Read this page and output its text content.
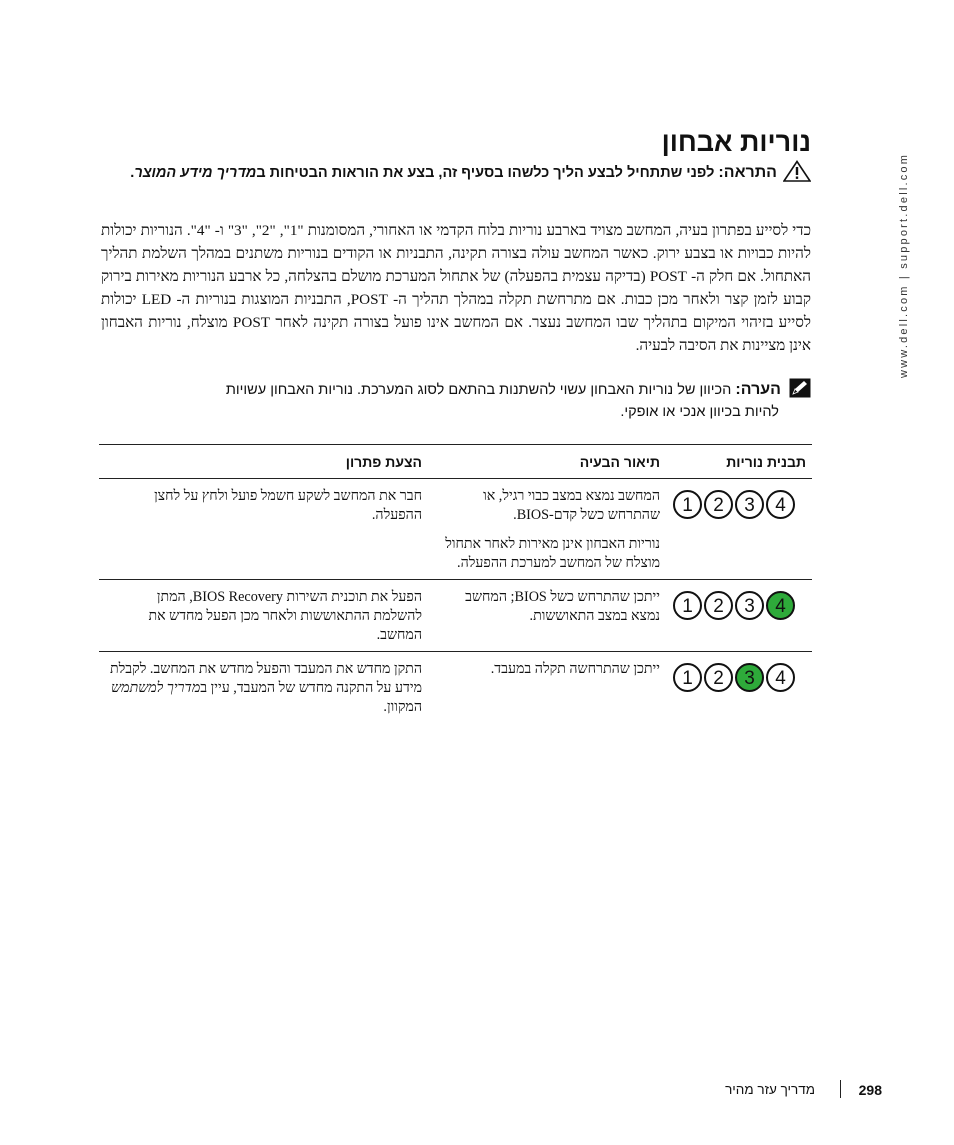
www.dell.com | support.dell.com
נוריות אבחון
התראה: לפני שתתחיל לבצע הליך כלשהו בסעיף זה, בצע את הוראות הבטיחות במדריך מידע המוצר.
כדי לסייע בפתרון בעיה, המחשב מצויד בארבע נוריות בלוח הקדמי או האחורי, המסומנות "1", "2", "3" ו- "4". הנוריות יכולות להיות כבויות או בצבע ירוק. כאשר המחשב עולה בצורה תקינה, התבניות או הקודים בנוריות משתנים במהלך השלמת תהליך האתחול. אם חלק ה- POST (בדיקה עצמית בהפעלה) של אתחול המערכת מושלם בהצלחה, כל ארבע הנוריות מאירות בירוק קבוע לזמן קצר ולאחר מכן כבות. אם מתרחשת תקלה במהלך תהליך ה- POST, התבניות המוצגות בנוריות ה- LED יכולות לסייע בזיהוי המיקום בתהליך שבו המחשב נעצר. אם המחשב אינו פועל בצורה תקינה לאחר POST מוצלח, נוריות האבחון אינן מציינות את הסיבה לבעיה.
הערה: הכיוון של נוריות האבחון עשוי להשתנות בהתאם לסוג המערכת. נוריות האבחון עשויות
להיות בכיוון אנכי או אופקי.
תבנית נוריות	תיאור הבעיה	הצעת פתרון

1 2 3 4	המחשב נמצא במצב כבוי רגיל, או שהתרחש כשל קדם-BIOS.	חבר את המחשב לשקע חשמל פועל ולחץ על לחצן ההפעלה.
	נוריות האבחון אינן מאירות לאחר אתחול מוצלח של המחשב למערכת ההפעלה.	

1 2 3 4	ייתכן שהתרחש כשל BIOS; המחשב נמצא במצב התאוששות.	הפעל את תוכנית השירות BIOS Recovery, המתן להשלמת ההתאוששות ולאחר מכן הפעל מחדש את המחשב.

1 2 3 4	ייתכן שהתרחשה תקלה במעבד.	התקן מחדש את המעבד והפעל מחדש את המחשב. לקבלת מידע על התקנה מחדש של המעבד, עיין במדריך למשתמש המקוון.
מדריך עזר מהיר	298
